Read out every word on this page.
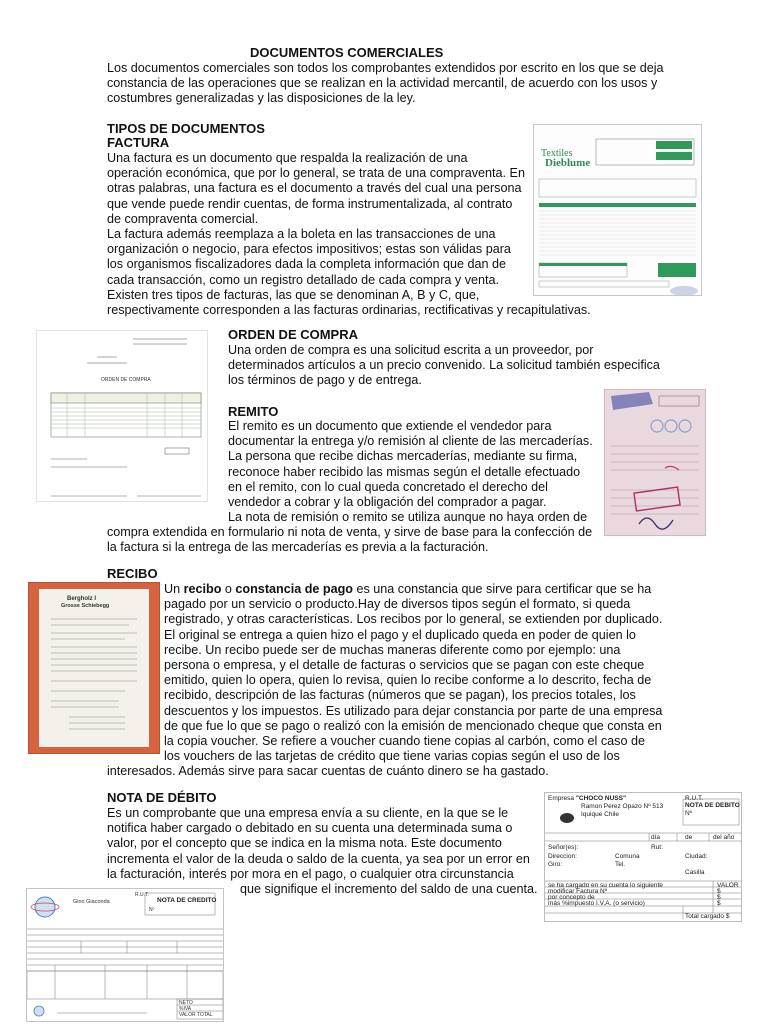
DOCUMENTOS COMERCIALES
Los documentos comerciales son todos los comprobantes extendidos por escrito en los que se deja
constancia de las operaciones que se realizan en la actividad mercantil, de acuerdo con los usos y
costumbres generalizadas y las disposiciones de la ley.
TIPOS DE DOCUMENTOS
FACTURA
Una factura es un documento que respalda la realización de una
operación económica, que por lo general, se trata de una compraventa. En
otras palabras, una factura es el documento a través del cual una persona
que vende puede rendir cuentas, de forma instrumentalizada, al contrato
de compraventa comercial.
La factura además reemplaza a la boleta en las transacciones de una
organización o negocio, para efectos impositivos; estas son válidas para
los organismos fiscalizadores dada la completa información que dan de
cada transacción, como un registro detallado de cada compra y venta.
Existen tres tipos de facturas, las que se denominan A, B y C, que,
respectivamente corresponden a las facturas ordinarias, rectificativas y recapitulativas.
Textiles
Dieblume
ORDEN DE COMPRA
ORDEN DE COMPRA
Una orden de compra es una solicitud escrita a un proveedor, por
determinados artículos a un precio convenido. La solicitud también especifica
los términos de pago y de entrega.
REMITO
El remito es un documento que extiende el vendedor para
documentar la entrega y/o remisión al cliente de las mercaderías.
La persona que recibe dichas mercaderías, mediante su firma,
reconoce haber recibido las mismas según el detalle efectuado
en el remito, con lo cual queda concretado el derecho del
vendedor a cobrar y la obligación del comprador a pagar.
La nota de remisión o remito se utiliza aunque no haya orden de
compra extendida en formulario ni nota de venta, y sirve de base para la confección de
la factura si la entrega de las mercaderías es previa a la facturación.
RECIBO
Bergholz I
Grosse Schiebegg
Un recibo o constancia de pago es una constancia que sirve para certificar que se ha
pagado por un servicio o producto.Hay de diversos tipos según el formato, si queda
registrado, y otras características. Los recibos por lo general, se extienden por duplicado.
El original se entrega a quien hizo el pago y el duplicado queda en poder de quien lo
recibe. Un recibo puede ser de muchas maneras diferente como por ejemplo: una
persona o empresa, y el detalle de facturas o servicios que se pagan con este cheque
emitido, quien lo opera, quien lo revisa, quien lo recibe conforme a lo descrito, fecha de
recibido, descripción de las facturas (números que se pagan), los precios totales, los
descuentos y los impuestos. Es utilizado para dejar constancia por parte de una empresa
de que fue lo que se pago o realizó con la emisión de mencionado cheque que consta en
la copia voucher. Se refiere a voucher cuando tiene copias al carbón, como el caso de
los vouchers de las tarjetas de crédito que tiene varias copias según el uso de los
interesados. Además sirve para sacar cuentas de cuánto dinero se ha gastado.
NOTA DE DÉBITO
Es un comprobante que una empresa envía a su cliente, en la que se le
notifica haber cargado o debitado en su cuenta una determinada suma o
valor, por el concepto que se indica en la misma nota. Este documento
incrementa el valor de la deuda o saldo de la cuenta, ya sea por un error en
la facturación, interés por mora en el pago, o cualquier otra circunstancia
que signifique el incremento del saldo de una cuenta.
Empresa "CHOCO NUSS"
Ramon Perez Opazo Nº 513
Iquique Chile
R.U.T.
NOTA DE DEBITO
Nº
día	de	del año
Señor(es):	Rut:
Direccion:	Comuna	Ciudad:
Giro:	Tel.
Casilla
se ha cargado en su cuenta lo siguiente	VALOR
modificar Factura Nº	$
por concepto de	$
más %impuesto I.V.A. (o servicio)	$
Total cargado $
Gino Giaconda
R.U.T.
NOTA DE CREDITO
Nº
NETO
%IVA
VALOR TOTAL
